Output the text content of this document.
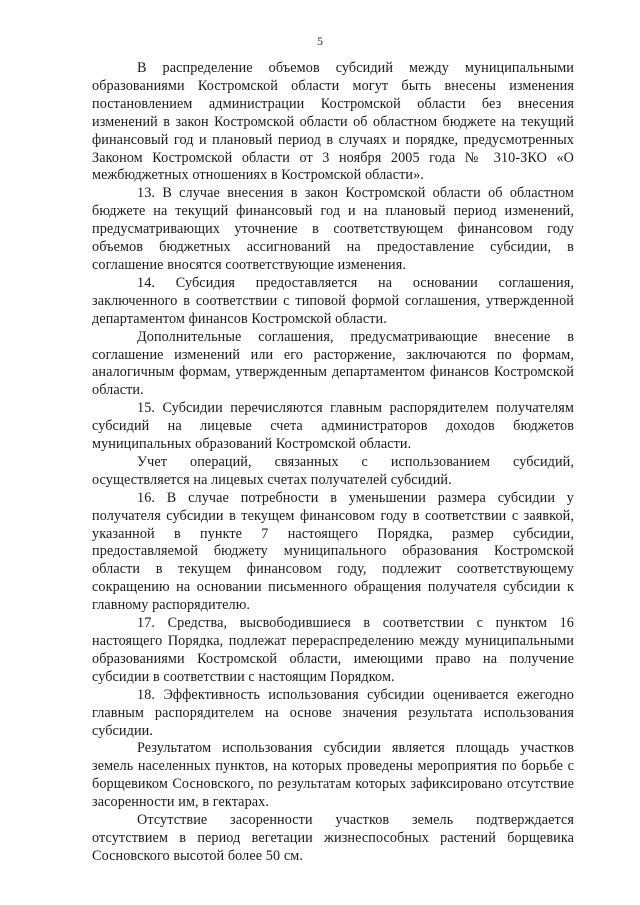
5

В распределение объемов субсидий между муниципальными образованиями Костромской области могут быть внесены изменения постановлением администрации Костромской области без внесения изменений в закон Костромской области об областном бюджете на текущий финансовый год и плановый период в случаях и порядке, предусмотренных Законом Костромской области от 3 ноября 2005 года № 310-ЗКО «О межбюджетных отношениях в Костромской области».

13. В случае внесения в закон Костромской области об областном бюджете на текущий финансовый год и на плановый период изменений, предусматривающих уточнение в соответствующем финансовом году объемов бюджетных ассигнований на предоставление субсидии, в соглашение вносятся соответствующие изменения.

14. Субсидия предоставляется на основании соглашения, заключенного в соответствии с типовой формой соглашения, утвержденной департаментом финансов Костромской области.

Дополнительные соглашения, предусматривающие внесение в соглашение изменений или его расторжение, заключаются по формам, аналогичным формам, утвержденным департаментом финансов Костромской области.

15. Субсидии перечисляются главным распорядителем получателям субсидий на лицевые счета администраторов доходов бюджетов муниципальных образований Костромской области.

Учет операций, связанных с использованием субсидий, осуществляется на лицевых счетах получателей субсидий.

16. В случае потребности в уменьшении размера субсидии у получателя субсидии в текущем финансовом году в соответствии с заявкой, указанной в пункте 7 настоящего Порядка, размер субсидии, предоставляемой бюджету муниципального образования Костромской области в текущем финансовом году, подлежит соответствующему сокращению на основании письменного обращения получателя субсидии к главному распорядителю.

17. Средства, высвободившиеся в соответствии с пунктом 16 настоящего Порядка, подлежат перераспределению между муниципальными образованиями Костромской области, имеющими право на получение субсидии в соответствии с настоящим Порядком.

18. Эффективность использования субсидии оценивается ежегодно главным распорядителем на основе значения результата использования субсидии.

Результатом использования субсидии является площадь участков земель населенных пунктов, на которых проведены мероприятия по борьбе с борщевиком Сосновского, по результатам которых зафиксировано отсутствие засоренности им, в гектарах.

Отсутствие засоренности участков земель подтверждается отсутствием в период вегетации жизнеспособных растений борщевика Сосновского высотой более 50 см.
